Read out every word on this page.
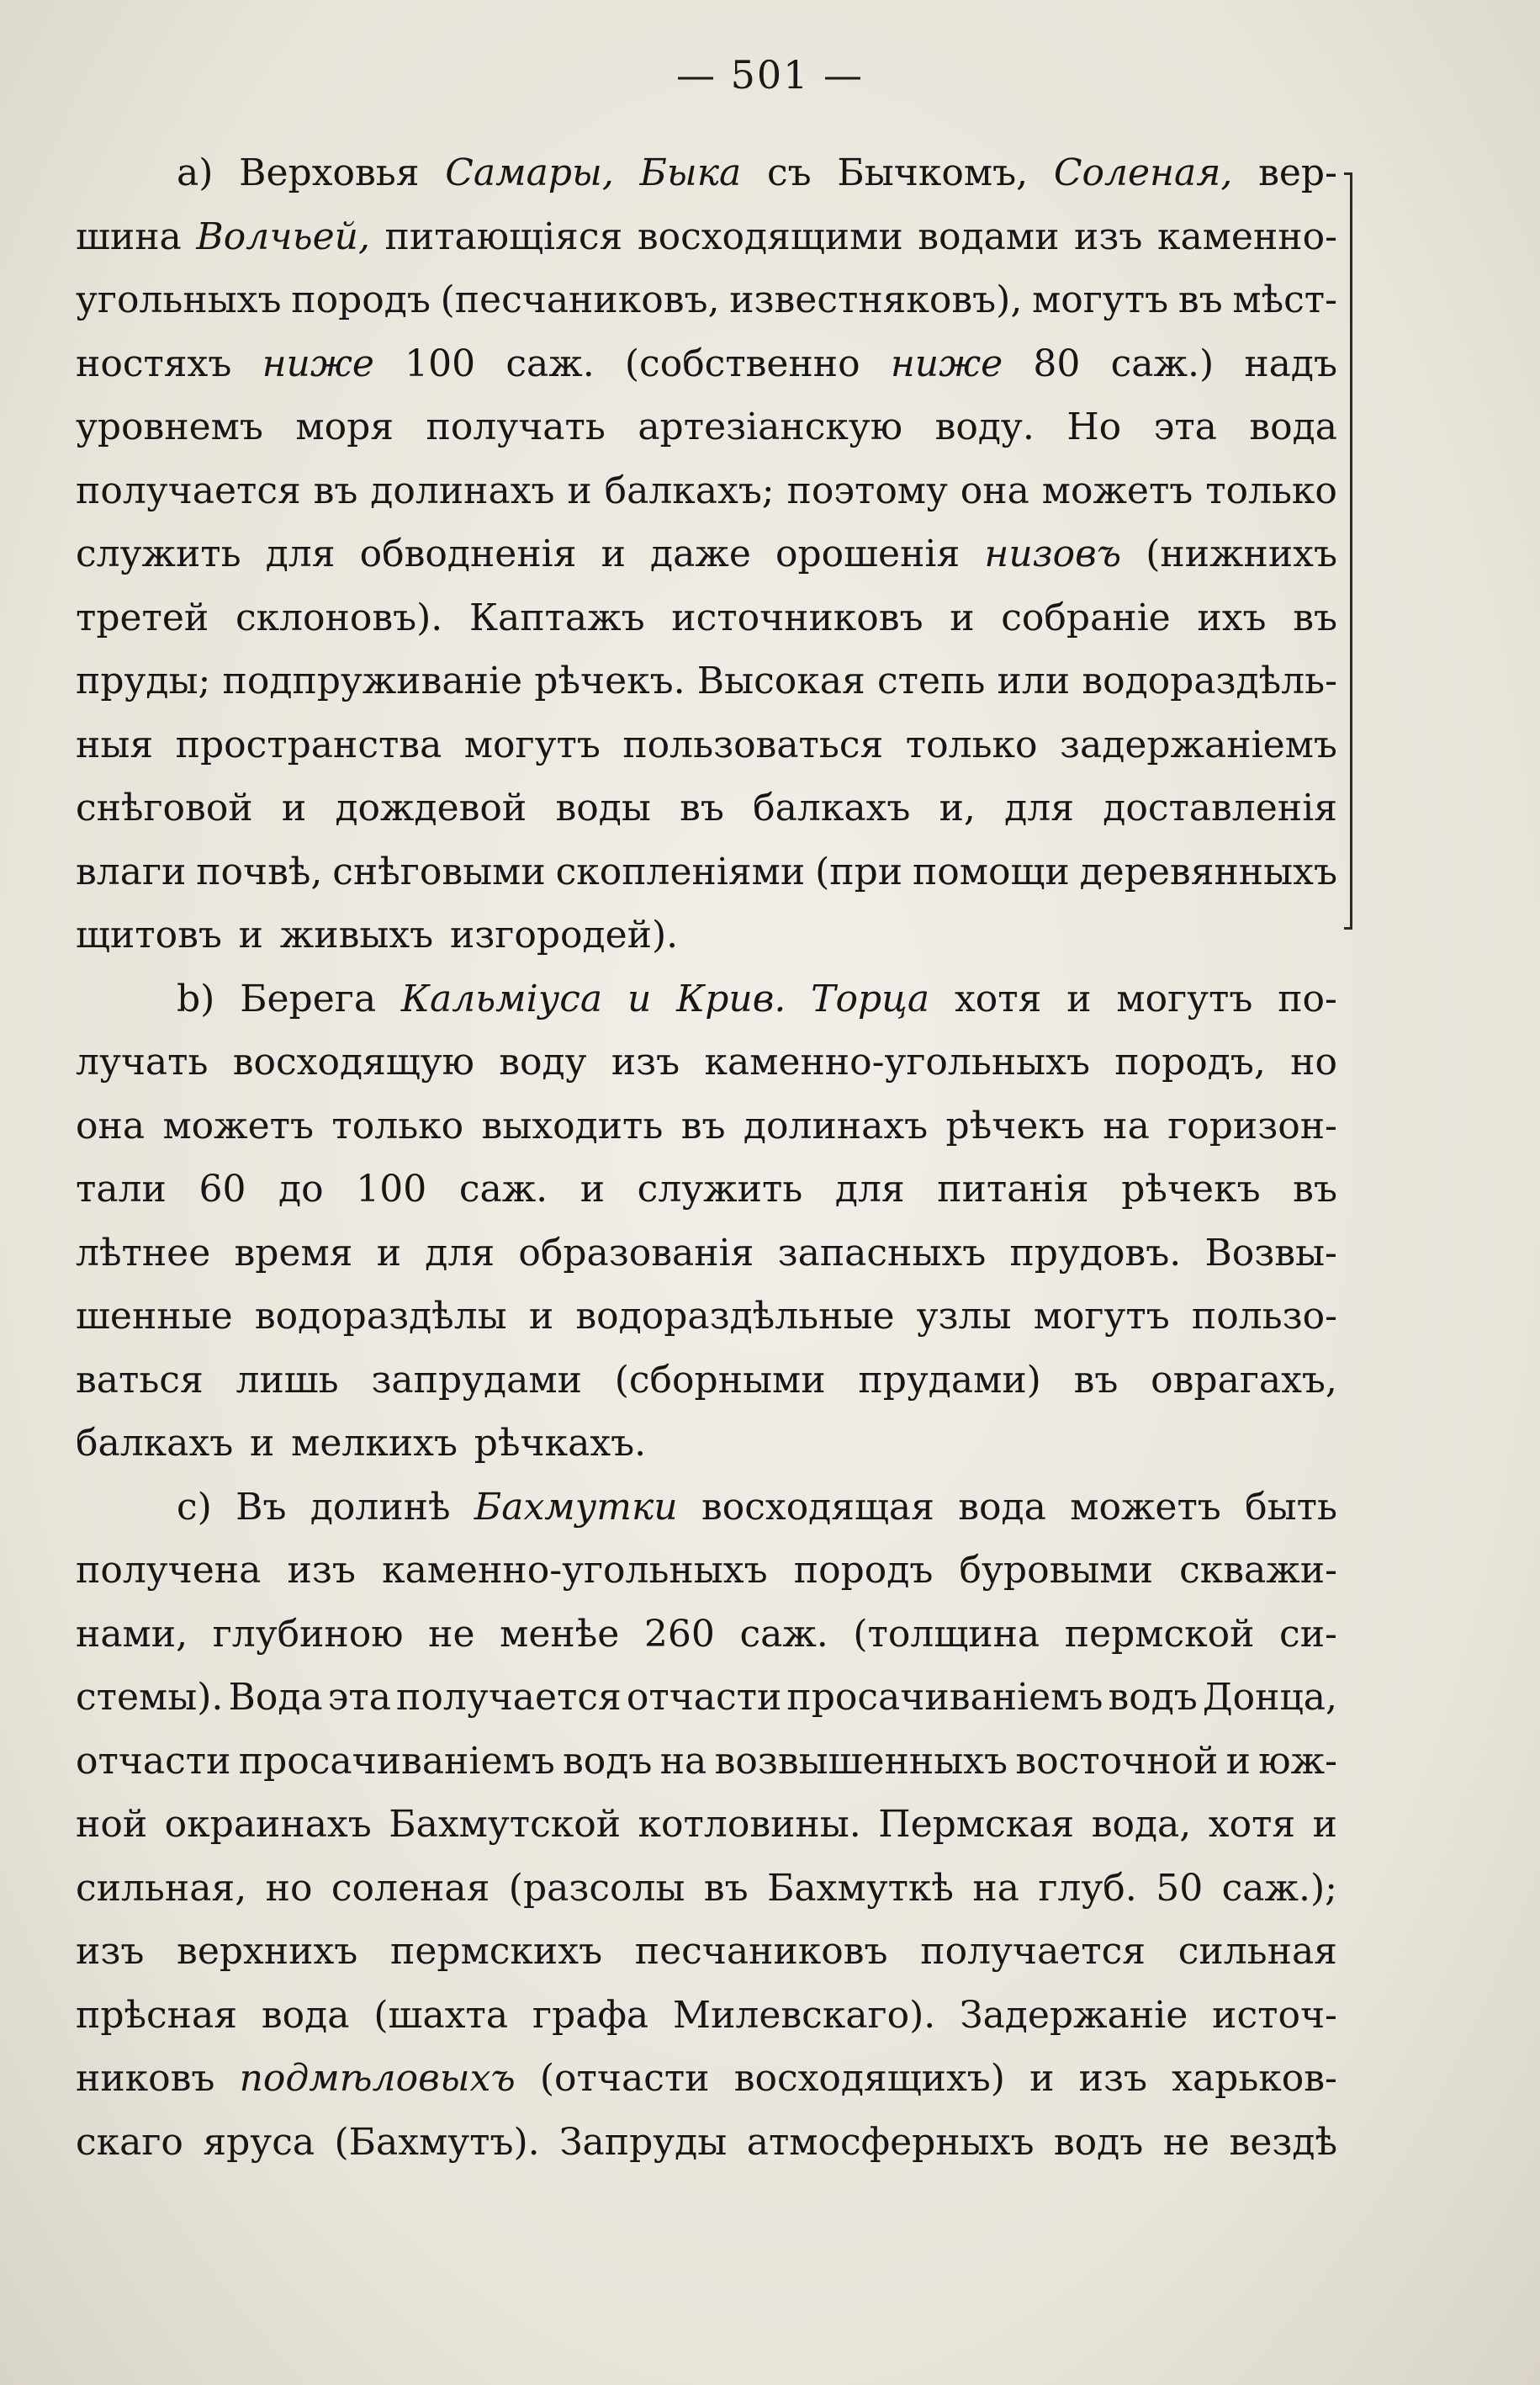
— 501 —
a) Верховья Самары, Быка съ Бычкомъ, Соленая, вер-
шина Волчьей, питающіяся восходящими водами изъ каменно-
угольныхъ породъ (песчаниковъ, известняковъ), могутъ въ мѣст-
ностяхъ ниже 100 саж. (собственно ниже 80 саж.) надъ
уровнемъ моря получать артезіанскую воду. Но эта вода
получается въ долинахъ и балкахъ; поэтому она можетъ только
служить для обводненія и даже орошенія низовъ (нижнихъ
третей склоновъ). Каптажъ источниковъ и собраніе ихъ въ
пруды; подпруживаніе рѣчекъ. Высокая степь или водораздѣль-
ныя пространства могутъ пользоваться только задержаніемъ
снѣговой и дождевой воды въ балкахъ и, для доставленія
влаги почвѣ, снѣговыми скопленіями (при помощи деревянныхъ
щитовъ и живыхъ изгородей).
b) Берега Кальміуса и Крив. Торца хотя и могутъ по-
лучать восходящую воду изъ каменно-угольныхъ породъ, но
она можетъ только выходить въ долинахъ рѣчекъ на горизон-
тали 60 до 100 саж. и служить для питанія рѣчекъ въ
лѣтнее время и для образованія запасныхъ прудовъ. Возвы-
шенные водораздѣлы и водораздѣльные узлы могутъ пользо-
ваться лишь запрудами (сборными прудами) въ оврагахъ,
балкахъ и мелкихъ рѣчкахъ.
c) Въ долинѣ Бахмутки восходящая вода можетъ быть
получена изъ каменно-угольныхъ породъ буровыми скважи-
нами, глубиною не менѣе 260 саж. (толщина пермской си-
стемы). Вода эта получается отчасти просачиваніемъ водъ Донца,
отчасти просачиваніемъ водъ на возвышенныхъ восточной и юж-
ной окраинахъ Бахмутской котловины. Пермская вода, хотя и
сильная, но соленая (разсолы въ Бахмуткѣ на глуб. 50 саж.);
изъ верхнихъ пермскихъ песчаниковъ получается сильная
прѣсная вода (шахта графа Милевскаго). Задержаніе источ-
никовъ подмѣловыхъ (отчасти восходящихъ) и изъ харьков-
скаго яруса (Бахмутъ). Запруды атмосферныхъ водъ не вездѣ
